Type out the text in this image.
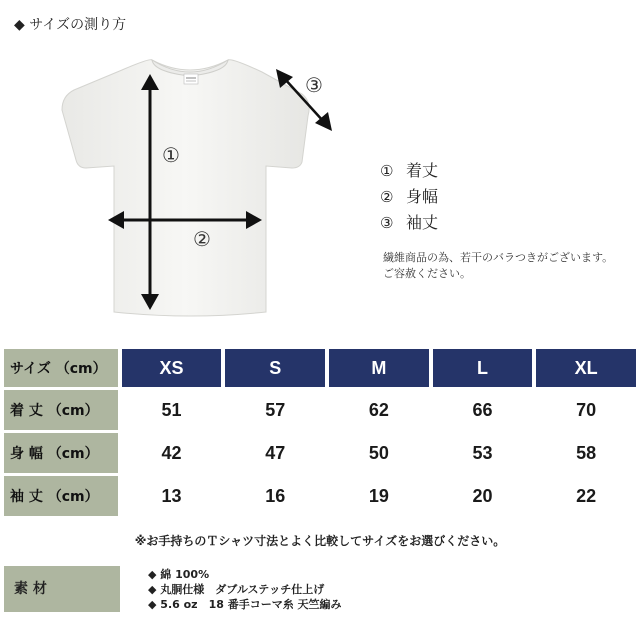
◆ サイズの測り方
①
②
③
① 着丈
② 身幅
③ 袖丈
繊維商品の為、若干のバラつきがございます。
ご容赦ください。
サイズ （cm）	XS	S	M	L	XL
着 丈 （cm）	51	57	62	66	70
身 幅 （cm）	42	47	50	53	58
袖 丈 （cm）	13	16	19	20	22
※お手持ちのＴシャツ寸法とよく比較してサイズをお選びください。
素 材
◆ 綿 100%
◆ 丸胴仕様　ダブルステッチ仕上げ
◆ 5.6 oz　18 番手コーマ糸 天竺編み
